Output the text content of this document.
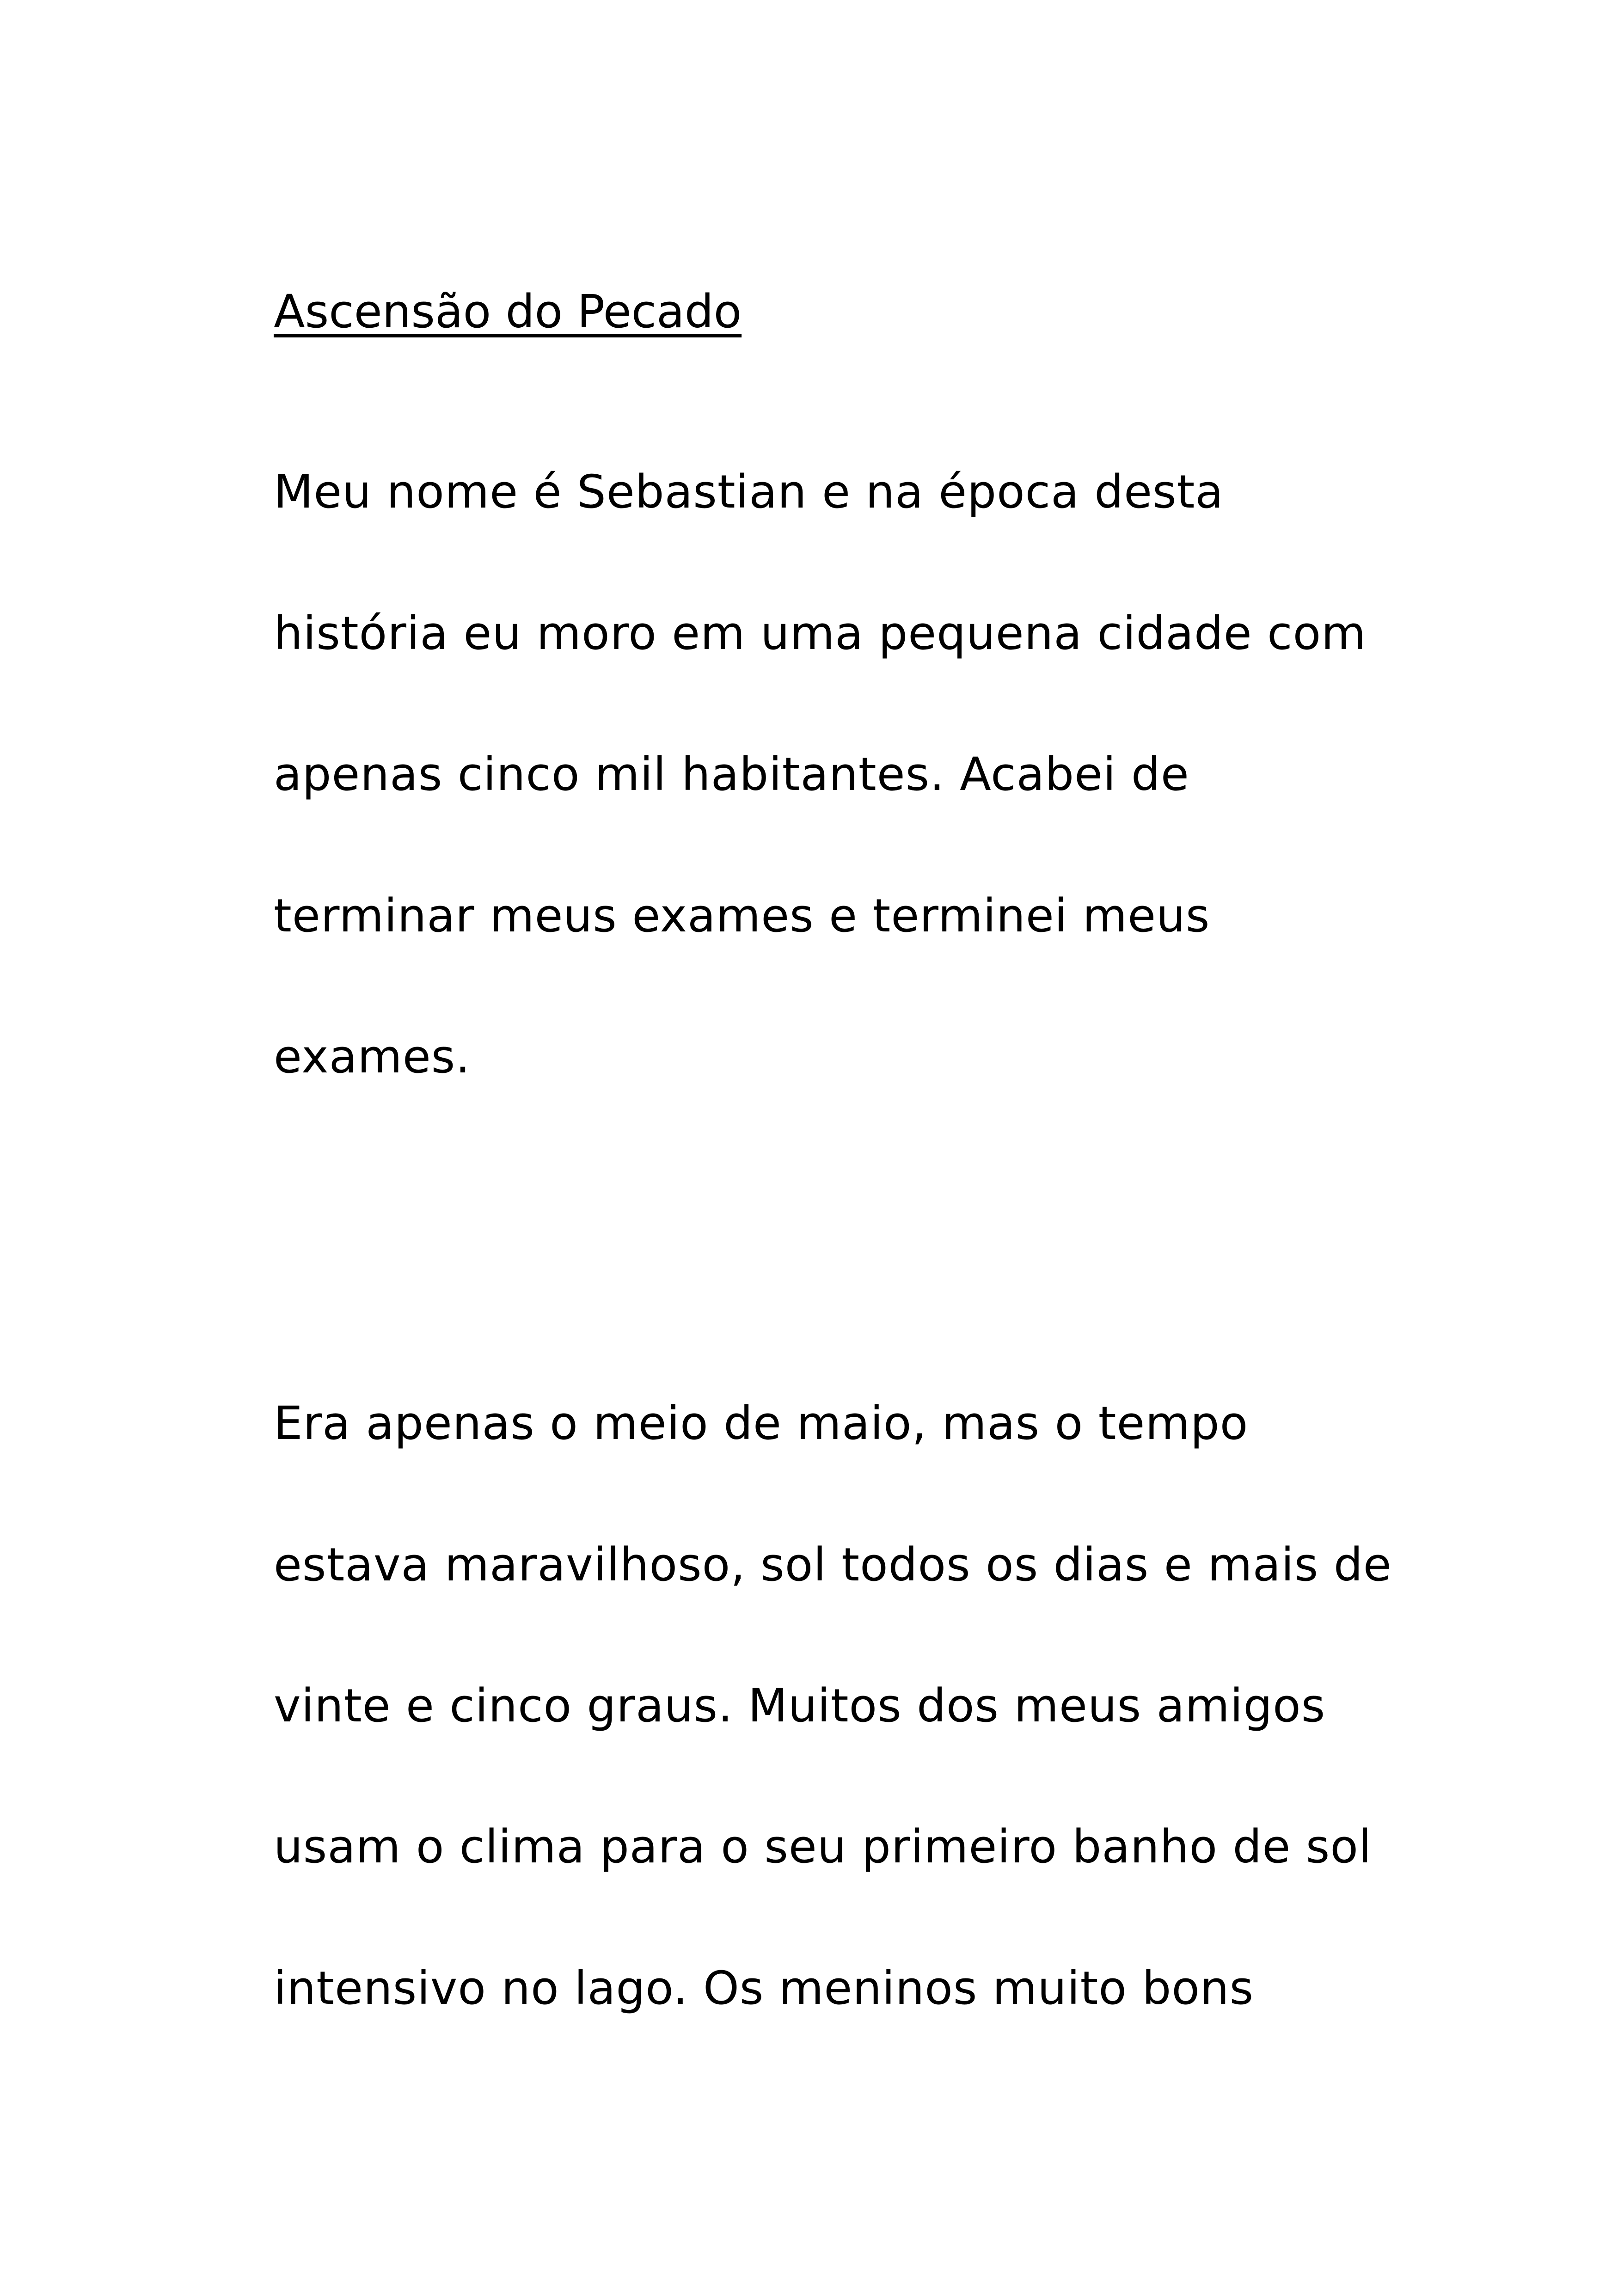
Ascensão do Pecado

Meu nome é Sebastian e na época desta

história eu moro em uma pequena cidade com

apenas cinco mil habitantes. Acabei de

terminar meus exames e terminei meus

exames.

Era apenas o meio de maio, mas o tempo

estava maravilhoso, sol todos os dias e mais de

vinte e cinco graus. Muitos dos meus amigos

usam o clima para o seu primeiro banho de sol

intensivo no lago. Os meninos muito bons
